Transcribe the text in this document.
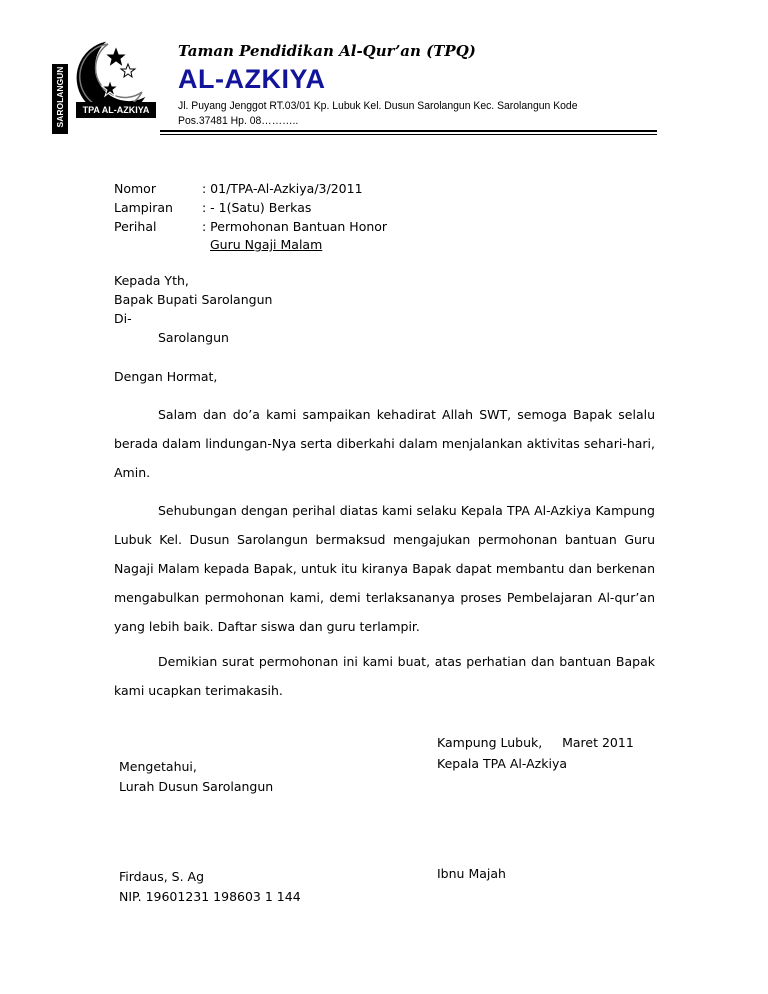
TPA AL-AZKIYA
SAROLANGUN
Taman Pendidikan Al-Qur’an (TPQ)
AL-AZKIYA
Jl. Puyang Jenggot RT.03/01 Kp. Lubuk Kel. Dusun Sarolangun Kec. Sarolangun Kode Pos.37481 Hp. 08………..
Nomor	: 01/TPA-Al-Azkiya/3/2011
Lampiran	: - 1(Satu) Berkas
Perihal	: Permohonan Bantuan Honor
Guru Ngaji Malam
Kepada Yth,
Bapak Bupati Sarolangun
Di-
Sarolangun
Dengan Hormat,

Salam dan do’a kami sampaikan kehadirat Allah SWT, semoga Bapak selalu berada dalam lindungan-Nya serta diberkahi dalam menjalankan aktivitas sehari-hari, Amin.

Sehubungan dengan perihal diatas kami selaku Kepala TPA Al-Azkiya Kampung Lubuk Kel. Dusun Sarolangun bermaksud mengajukan permohonan bantuan Guru Nagaji Malam kepada Bapak, untuk itu kiranya Bapak dapat membantu dan berkenan mengabulkan permohonan kami, demi terlaksananya proses Pembelajaran Al-qur’an yang lebih baik. Daftar siswa dan guru terlampir.

Demikian surat permohonan ini kami buat, atas perhatian dan bantuan Bapak kami ucapkan terimakasih.

Kampung Lubuk,     Maret 2011
Kepala TPA Al-Azkiya
Mengetahui,
Lurah Dusun Sarolangun
Ibnu Majah
Firdaus, S. Ag
NIP. 19601231 198603 1 144
